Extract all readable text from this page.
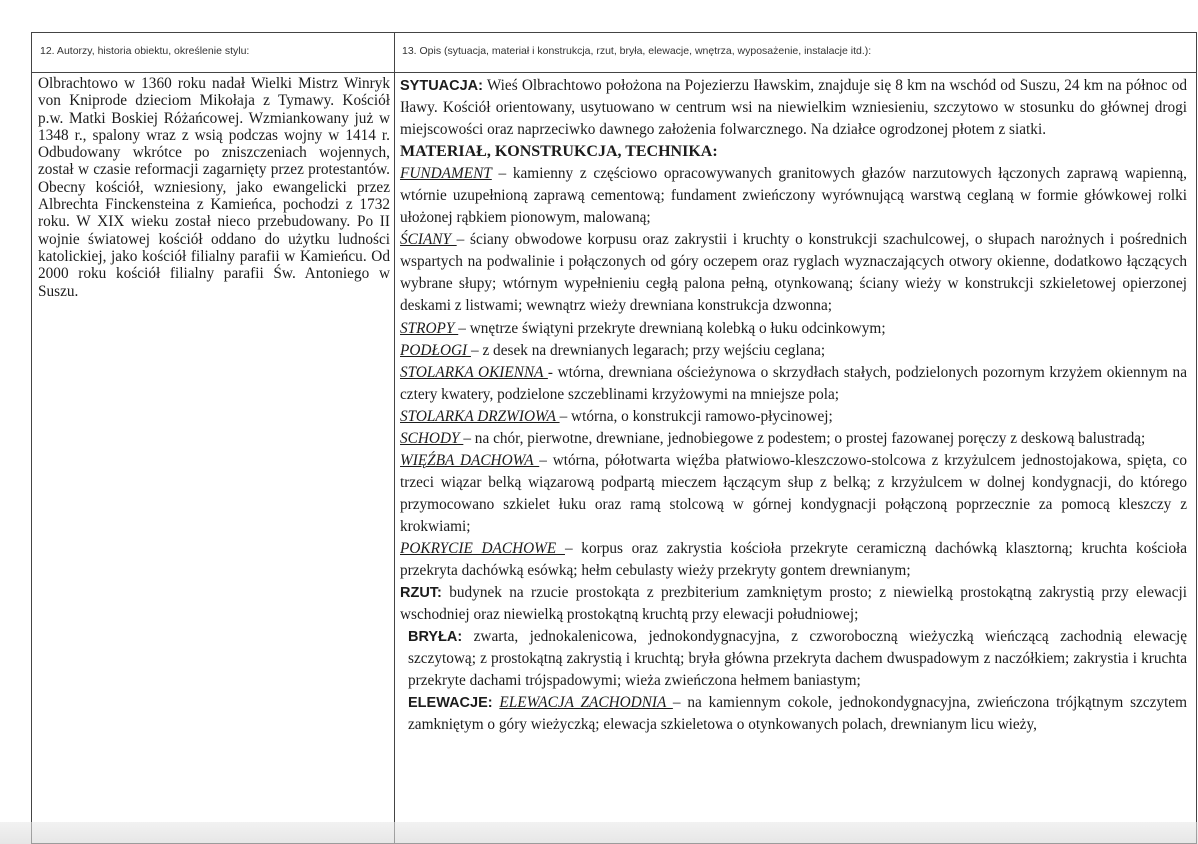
12. Autorzy, historia obiektu, określenie stylu:	13. Opis (sytuacja, materiał i konstrukcja, rzut, bryła, elewacje, wnętrza, wyposażenie, instalacje itd.):
Olbrachtowo w 1360 roku nadał Wielki Mistrz Winryk von Kniprode dzieciom Mikołaja z Tymawy. Kościół p.w. Matki Boskiej Różańcowej. Wzmiankowany już w 1348 r., spalony wraz z wsią podczas wojny w 1414 r. Odbudowany wkrótce po zniszczeniach wojennych, został w czasie reformacji zagarnięty przez protestantów. Obecny kościół, wzniesiony, jako ewangelicki przez Albrechta Finckensteina z Kamieńca, pochodzi z 1732 roku. W XIX wieku został nieco przebudowany. Po II wojnie światowej kościół oddano do użytku ludności katolickiej, jako kościół filialny parafii w Kamieńcu. Od 2000 roku kościół filialny parafii Św. Antoniego w Suszu.

SYTUACJA: Wieś Olbrachtowo położona na Pojezierzu Iławskim, znajduje się 8 km na wschód od Suszu, 24 km na północ od Iławy. Kościół orientowany, usytuowano w centrum wsi na niewielkim wzniesieniu, szczytowo w stosunku do głównej drogi miejscowości oraz naprzeciwko dawnego założenia folwarcznego. Na działce ogrodzonej płotem z siatki.

MATERIAŁ, KONSTRUKCJA, TECHNIKA:

FUNDAMENT – kamienny z częściowo opracowywanych granitowych głazów narzutowych łączonych zaprawą wapienną, wtórnie uzupełnioną zaprawą cementową; fundament zwieńczony wyrównującą warstwą ceglaną w formie główkowej rolki ułożonej rąbkiem pionowym, malowaną;

ŚCIANY – ściany obwodowe korpusu oraz zakrystii i kruchty o konstrukcji szachulcowej, o słupach narożnych i pośrednich wspartych na podwalinie i połączonych od góry oczepem oraz ryglach wyznaczających otwory okienne, dodatkowo łączących wybrane słupy; wtórnym wypełnieniu cegłą palona pełną, otynkowaną; ściany wieży w konstrukcji szkieletowej opierzonej deskami z listwami; wewnątrz wieży drewniana konstrukcja dzwonna;

STROPY – wnętrze świątyni przekryte drewnianą kolebką o łuku odcinkowym;

PODŁOGI – z desek na drewnianych legarach; przy wejściu ceglana;

STOLARKA OKIENNA - wtórna, drewniana ościeżynowa o skrzydłach stałych, podzielonych pozornym krzyżem okiennym na cztery kwatery, podzielone szczeblinami krzyżowymi na mniejsze pola;

STOLARKA DRZWIOWA – wtórna, o konstrukcji ramowo-płycinowej;

SCHODY – na chór, pierwotne, drewniane, jednobiegowe z podestem; o prostej fazowanej poręczy z deskową balustradą;

WIĘŹBA DACHOWA – wtórna, półotwarta więźba płatwiowo-kleszczowo-stolcowa z krzyżulcem jednostojakowa, spięta, co trzeci wiązar belką wiązarową podpartą mieczem łączącym słup z belką; z krzyżulcem w dolnej kondygnacji, do którego przymocowano szkielet łuku oraz ramą stolcową w górnej kondygnacji połączoną poprzecznie za pomocą kleszczy z krokwiami;

POKRYCIE DACHOWE – korpus oraz zakrystia kościoła przekryte ceramiczną dachówką klasztorną; kruchta kościoła przekryta dachówką esówką; hełm cebulasty wieży przekryty gontem drewnianym;

RZUT: budynek na rzucie prostokąta z prezbiterium zamkniętym prosto; z niewielką prostokątną zakrystią przy elewacji wschodniej oraz niewielką prostokątną kruchtą przy elewacji południowej;

BRYŁA: zwarta, jednokalenicowa, jednokondygnacyjna, z czworoboczną wieżyczką wieńczącą zachodnią elewację szczytową; z prostokątną zakrystią i kruchtą; bryła główna przekryta dachem dwuspadowym z naczółkiem; zakrystia i kruchta przekryte dachami trójspadowymi; wieża zwieńczona hełmem baniastym;

ELEWACJE: ELEWACJA ZACHODNIA – na kamiennym cokole, jednokondygnacyjna, zwieńczona trójkątnym szczytem zamkniętym o góry wieżyczką; elewacja szkieletowa o otynkowanych polach, drewnianym licu wieży,
